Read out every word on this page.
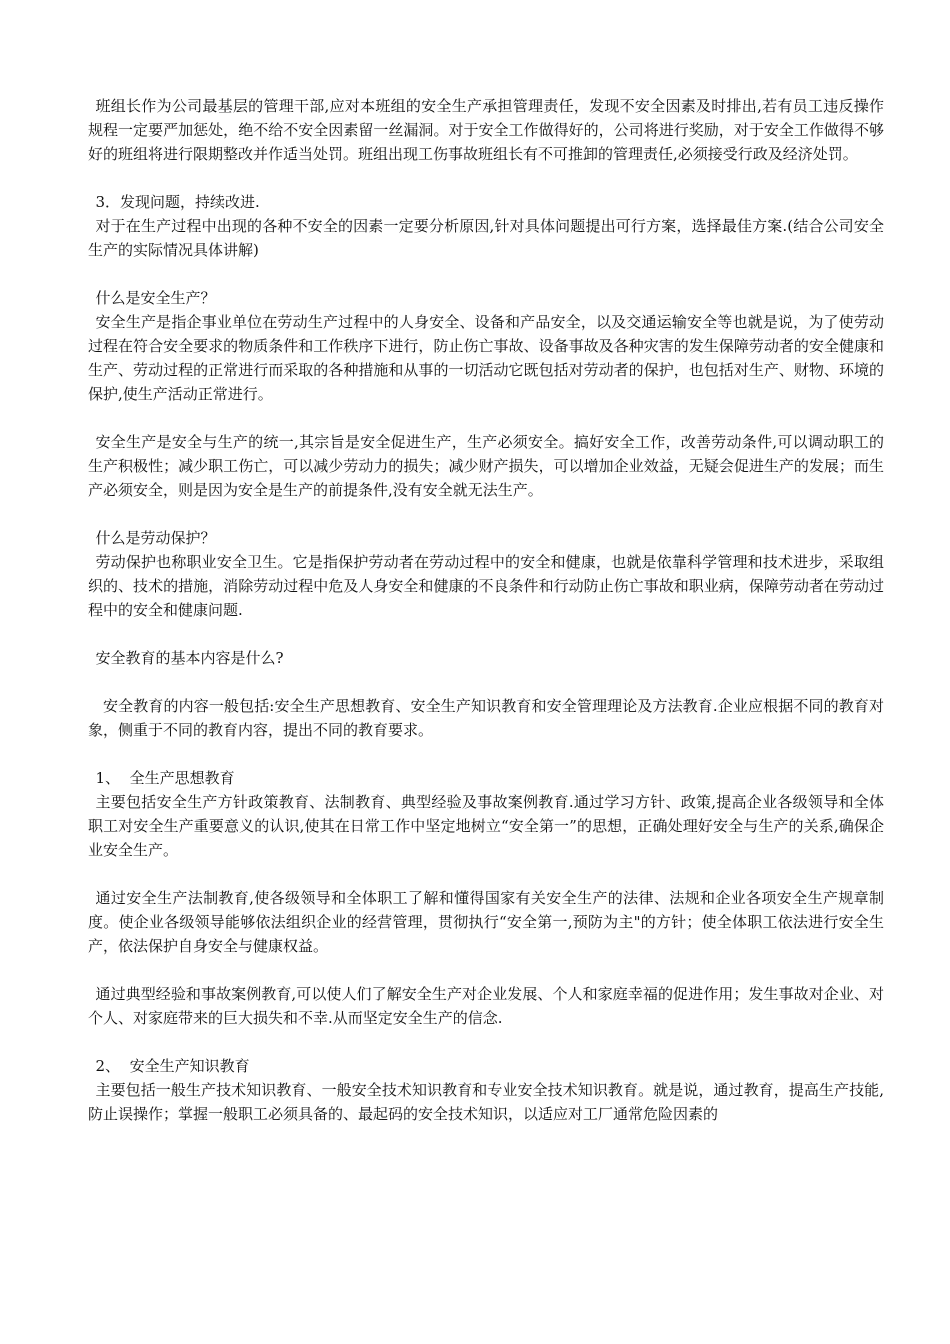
班组长作为公司最基层的管理干部,应对本班组的安全生产承担管理责任，发现不安全因素及时排出,若有员工违反操作规程一定要严加惩处，绝不给不安全因素留一丝漏洞。对于安全工作做得好的，公司将进行奖励，对于安全工作做得不够好的班组将进行限期整改并作适当处罚。班组出现工伤事故班组长有不可推卸的管理责任,必须接受行政及经济处罚。

3．发现问题，持续改进.

对于在生产过程中出现的各种不安全的因素一定要分析原因,针对具体问题提出可行方案，选择最佳方案.(结合公司安全生产的实际情况具体讲解)

什么是安全生产？

安全生产是指企事业单位在劳动生产过程中的人身安全、设备和产品安全，以及交通运输安全等也就是说，为了使劳动过程在符合安全要求的物质条件和工作秩序下进行，防止伤亡事故、设备事故及各种灾害的发生保障劳动者的安全健康和生产、劳动过程的正常进行而采取的各种措施和从事的一切活动它既包括对劳动者的保护，也包括对生产、财物、环境的保护,使生产活动正常进行。

安全生产是安全与生产的统一,其宗旨是安全促进生产，生产必须安全。搞好安全工作，改善劳动条件,可以调动职工的生产积极性；减少职工伤亡，可以减少劳动力的损失；减少财产损失，可以增加企业效益，无疑会促进生产的发展；而生产必须安全，则是因为安全是生产的前提条件,没有安全就无法生产。

什么是劳动保护？

劳动保护也称职业安全卫生。它是指保护劳动者在劳动过程中的安全和健康，也就是依靠科学管理和技术进步，采取组织的、技术的措施，消除劳动过程中危及人身安全和健康的不良条件和行动防止伤亡事故和职业病，保障劳动者在劳动过程中的安全和健康问题.

安全教育的基本内容是什么?

安全教育的内容一般包括:安全生产思想教育、安全生产知识教育和安全管理理论及方法教育.企业应根据不同的教育对象，侧重于不同的教育内容，提出不同的教育要求。

1、  全生产思想教育

主要包括安全生产方针政策教育、法制教育、典型经验及事故案例教育.通过学习方针、政策,提高企业各级领导和全体职工对安全生产重要意义的认识,使其在日常工作中坚定地树立“安全第一”的思想，正确处理好安全与生产的关系,确保企业安全生产。

通过安全生产法制教育,使各级领导和全体职工了解和懂得国家有关安全生产的法律、法规和企业各项安全生产规章制度。使企业各级领导能够依法组织企业的经营管理，贯彻执行“安全第一,预防为主"的方针；使全体职工依法进行安全生产，依法保护自身安全与健康权益。

通过典型经验和事故案例教育,可以使人们了解安全生产对企业发展、个人和家庭幸福的促进作用；发生事故对企业、对个人、对家庭带来的巨大损失和不幸.从而坚定安全生产的信念.

2、  安全生产知识教育

主要包括一般生产技术知识教育、一般安全技术知识教育和专业安全技术知识教育。就是说，通过教育，提高生产技能,防止误操作；掌握一般职工必须具备的、最起码的安全技术知识，以适应对工厂通常危险因素的
